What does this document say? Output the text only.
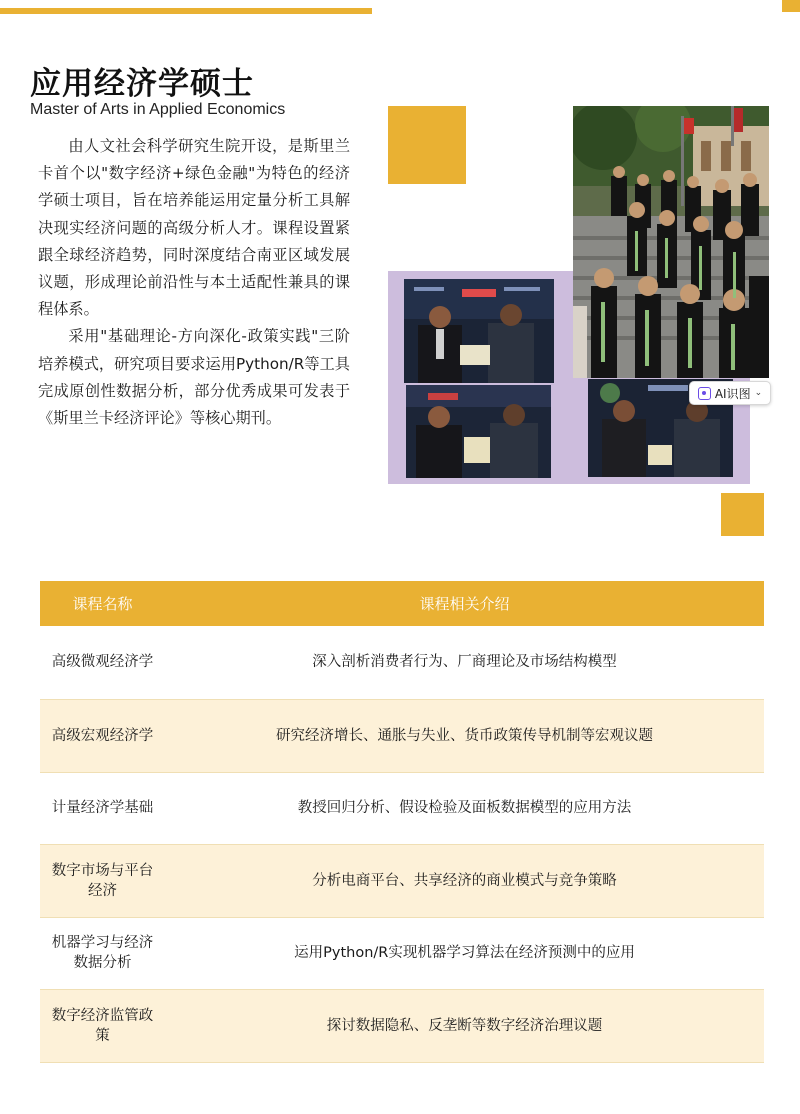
应用经济学硕士
Master of Arts in Applied Economics

由人文社会科学研究生院开设，是斯里兰卡首个以"数字经济+绿色金融"为特色的经济学硕士项目，旨在培养能运用定量分析工具解决现实经济问题的高级分析人才。课程设置紧跟全球经济趋势，同时深度结合南亚区域发展议题，形成理论前沿性与本土适配性兼具的课程体系。

采用"基础理论-方向深化-政策实践"三阶培养模式，研究项目要求运用Python/R等工具完成原创性数据分析，部分优秀成果可发表于《斯里兰卡经济评论》等核心期刊。

AI识图 ⌄
课程名称	课程相关介绍
高级微观经济学	深入剖析消费者行为、厂商理论及市场结构模型
高级宏观经济学	研究经济增长、通胀与失业、货币政策传导机制等宏观议题
计量经济学基础	教授回归分析、假设检验及面板数据模型的应用方法
数字市场与平台经济	分析电商平台、共享经济的商业模式与竞争策略
机器学习与经济数据分析	运用Python/R实现机器学习算法在经济预测中的应用
数字经济监管政策	探讨数据隐私、反垄断等数字经济治理议题
